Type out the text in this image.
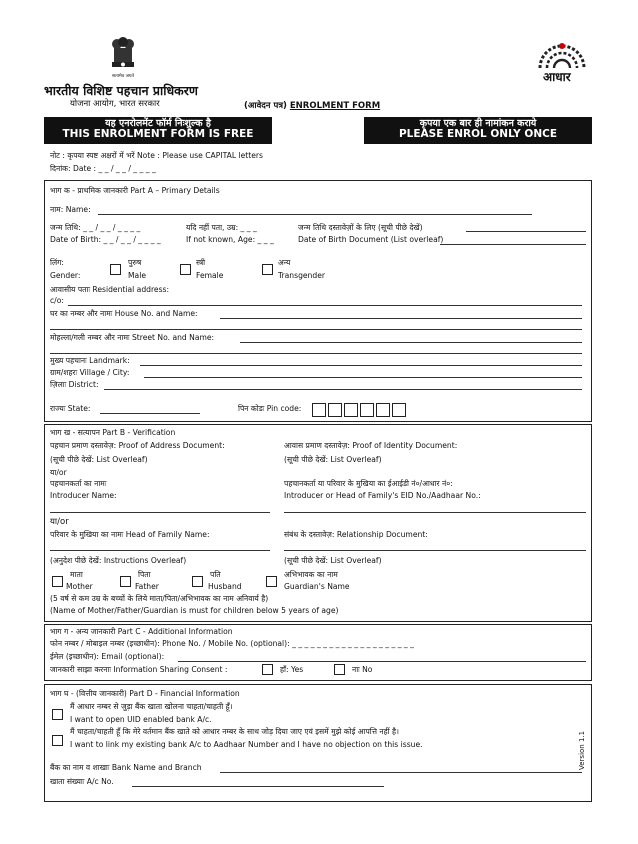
सत्यमेव जयते
भारतीय विशिष्ट पहचान प्राधिकरण
योजना आयोग, भारत सरकार
आधार
(आवेदन पत्र) ENROLMENT FORM
यह एनरोलमेंट फॉर्म निःशुल्क है
THIS ENROLMENT FORM IS FREE
कृपया एक बार ही नामांकन कराये
PLEASE ENROL ONLY ONCE
नोट : कृपया स्पष्ट अक्षरों में भरें Note : Please use CAPITAL letters
दिनांक: Date : _ _ / _ _ / _ _ _ _
भाग क - प्राथमिक जानकारी Part A – Primary Details
नाम: Name:
जन्म तिथि: _ _ / _ _ / _ _ _ _
Date of Birth: _ _ / _ _ / _ _ _ _
यदि नहीं पता, उम्र: _ _ _
If not known, Age: _ _ _
जन्म तिथि दस्तावेज़ों के लिए (सूची पीछे देखें)
Date of Birth Document (List overleaf)
लिंग:
Gender:
पुरुष
Male
स्त्री
Female
अन्य
Transgender
आवासीय पताः Residential address:
c/o:
घर का नम्बर और नामः House No. and Name:
मोहल्ला/गली नम्बर और नामः Street No. and Name:
मुख्य पहचानः Landmark:
ग्राम/शहरः Village / City:
ज़िलाः District:
राज्यः State:	पिन कोडः Pin code:
भाग ख - सत्यापन Part B - Verification
पहचान प्रमाण दस्तावेज़: Proof of Address Document:	आवास प्रमाण दस्तावेज़: Proof of Identity Document:
(सूची पीछे देखें: List Overleaf)	(सूची पीछे देखें: List Overleaf)
या/or
पहचानकर्ता का नामः
Introducer Name:
पहचानकर्ता या परिवार के मुखिया का ईआईडी नं०/आधार नं०:
Introducer or Head of Family's EID No./Aadhaar No.:
या/or
परिवार के मुखिया का नामः Head of Family Name:	संबंध के दस्तावेज़: Relationship Document:
(अनुदेश पीछे देखें: Instructions Overleaf)	(सूची पीछे देखें: List Overleaf)
माता
Mother
पिता
Father
पति
Husband
अभिभावक का नाम
Guardian's Name
(5 वर्ष से कम उम्र के बच्चों के लिये माता/पिता/अभिभावक का नाम अनिवार्य है)
(Name of Mother/Father/Guardian is must for children below 5 years of age)
भाग ग - अन्य जानकारी Part C - Additional Information
फोन नम्बर / मोबाइल नम्बर (इच्छाधीन): Phone No. / Mobile No. (optional): _ _ _ _ _ _ _ _ _ _ _ _ _ _ _ _ _ _ _ _
ईमेल (इच्छाधीन): Email (optional):
जानकारी साझा करनाः Information Sharing Consent :	हाँ: Yes	नाः No
भाग घ - (वित्तीय जानकारी) Part D - Financial Information
मैं आधार नम्बर से जुड़ा बैंक खाता खोलना चाहता/चाहती हूँ।
I want to open UID enabled bank A/c.
मैं चाहता/चाहती हूँ कि मेरे वर्तमान बैंक खाते को आधार नम्बर के साथ जोड़ दिया जाए एवं इसमें मुझे कोई आपत्ति नहीं है।
I want to link my existing bank A/c to Aadhaar Number and I have no objection on this issue.
बैंक का नाम व शाखाः Bank Name and Branch
खाता संख्याः A/c No.
Version 1.1
